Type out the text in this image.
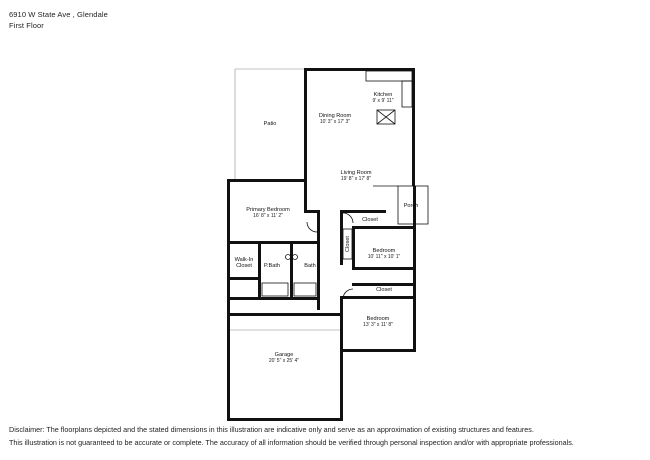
6910 W State Ave , Glendale
First Floor
Kitchen
9' x 9' 11"
Dining Room
10' 3" x 17' 3"
Patio
Living Room
19' 8" x 17' 8"
Porch
Primary Bedroom
16' 8" x 11' 2"
Closet
Closet	Bedroom
10' 11" x 10' 1"
Walk-In
Closet P.Bath	Bath
Closet
Bedroom
13' 3" x 11' 8"
Garage
20' 5" x 25' 4"
Disclaimer: The floorplans depicted and the stated dimensions in this illustration are indicative only and serve as an approximation of existing structures and features.
This illustration is not guaranteed to be accurate or complete. The accuracy of all information should be verified through personal inspection and/or with appropriate professionals.
